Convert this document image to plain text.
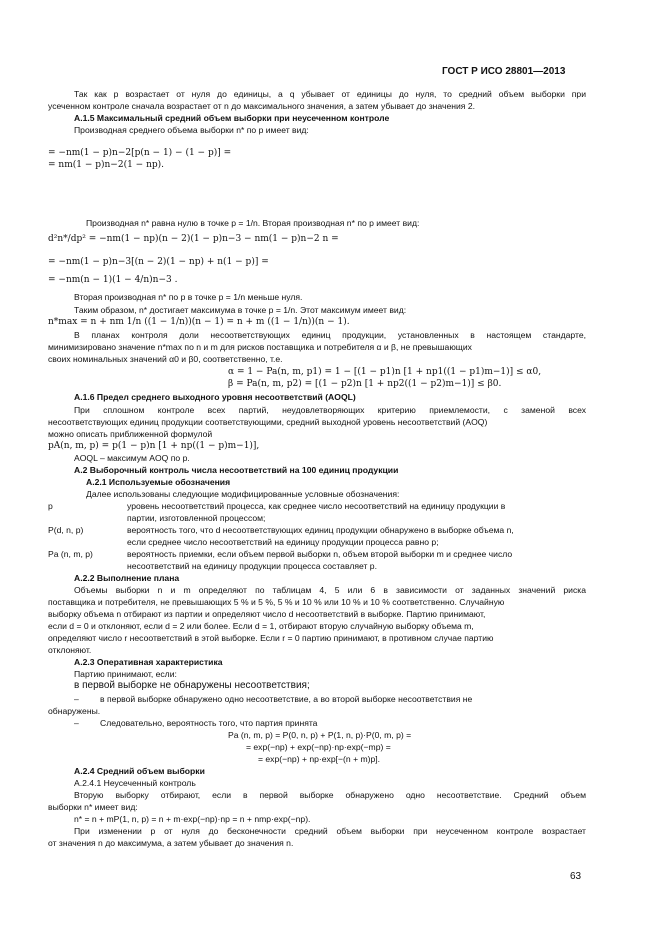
ГОСТ Р ИСО 28801—2013
Так как p возрастает от нуля до единицы, а q убывает от единицы до нуля, то средний объем выборки при
усеченном контроле сначала возрастает от n до максимального значения, а затем убывает до значения 2.
A.1.5 Максимальный средний объем выборки при неусеченном контроле
Производная среднего объема выборки n* по p имеет вид:
= −nm(1 − p)n−2[p(n − 1) − (1 − p)] =
= nm(1 − p)n−2(1 − np).
Производная n* равна нулю в точке p = 1/n. Вторая производная n* по p имеет вид:
d²n*/dp² = −nm(1 − np)(n − 2)(1 − p)n−3 − nm(1 − p)n−2 n =
= −nm(1 − p)n−3[(n − 2)(1 − np) + n(1 − p)] =
= −nm(n − 1)(1 − 4/n)n−3 .
Вторая производная n* по p в точке p = 1/n меньше нуля.
Таким образом, n* достигает максимума в точке p = 1/n. Этот максимум имеет вид:
n*max = n + nm 1/n ((1 − 1/n))(n − 1) = n + m ((1 − 1/n))(n − 1).
В планах контроля доли несоответствующих единиц продукции, установленных в настоящем стандарте,
минимизировано значение n*max по n и m для рисков поставщика и потребителя α и β, не превышающих
своих номинальных значений α0 и β0, соответственно, т.е.
α = 1 − Pa(n, m, p1) = 1 − [(1 − p1)n [1 + np1((1 − p1)m−1)] ≤ α0,
β = Pa(n, m, p2) = [(1 − p2)n [1 + np2((1 − p2)m−1)] ≤ β0.
A.1.6 Предел среднего выходного уровня несоответствий (AOQL)
При сплошном контроле всех партий, неудовлетворяющих критерию приемлемости, с заменой всех
несоответствующих единиц продукции соответствующими, средний выходной уровень несоответствий (AOQ)
можно описать приближенной формулой
pA(n, m, p) = p(1 − p)n [1 + np((1 − p)m−1)],
AOQL – максимум AOQ по p.
A.2 Выборочный контроль числа несоответствий на 100 единиц продукции
A.2.1 Используемые обозначения
Далее использованы следующие модифицированные условные обозначения:
p	уровень несоответствий процесса, как среднее число несоответствий на единицу продукции в
партии, изготовленной процессом;
P(d, n, p)	вероятность того, что d несоответствующих единиц продукции обнаружено в выборке объема n,
если среднее число несоответствий на единицу продукции процесса равно p;
Pa (n, m, p)	вероятность приемки, если объем первой выборки n, объем второй выборки m и среднее число
несоответствий на единицу продукции процесса составляет p.
A.2.2 Выполнение плана
Объемы выборки n и m определяют по таблицам 4, 5 или 6 в зависимости от заданных значений риска
поставщика и потребителя, не превышающих 5 % и 5 %, 5 % и 10 % или 10 % и 10 % соответственно. Случайную
выборку объема n отбирают из партии и определяют число d несоответствий в выборке. Партию принимают,
если d = 0 и отклоняют, если d = 2 или более. Если d = 1, отбирают вторую случайную выборку объема m,
определяют число r несоответствий в этой выборке. Если r = 0 партию принимают, в противном случае партию
отклоняют.
A.2.3 Оперативная характеристика
Партию принимают, если:
в первой выборке не обнаружены несоответствия;
– в первой выборке обнаружено одно несоответствие, а во второй выборке несоответствия не
обнаружены.
– Следовательно, вероятность того, что партия принята
Pa (n, m, p) = P(0, n, p) + P(1, n, p)·P(0, m, p) =
= exp(−np) + exp(−np)·np·exp(−mp) =
= exp(−np) + np·exp[−(n + m)p].
A.2.4 Средний объем выборки
A.2.4.1 Неусеченный контроль
Вторую выборку отбирают, если в первой выборке обнаружено одно несоответствие. Средний объем
выборки n* имеет вид:
n* = n + mP(1, n, p) = n + m·exp(−np)·np = n + nmp·exp(−np).
При изменении p от нуля до бесконечности средний объем выборки при неусеченном контроле возрастает
от значения n до максимума, а затем убывает до значения n.
63
